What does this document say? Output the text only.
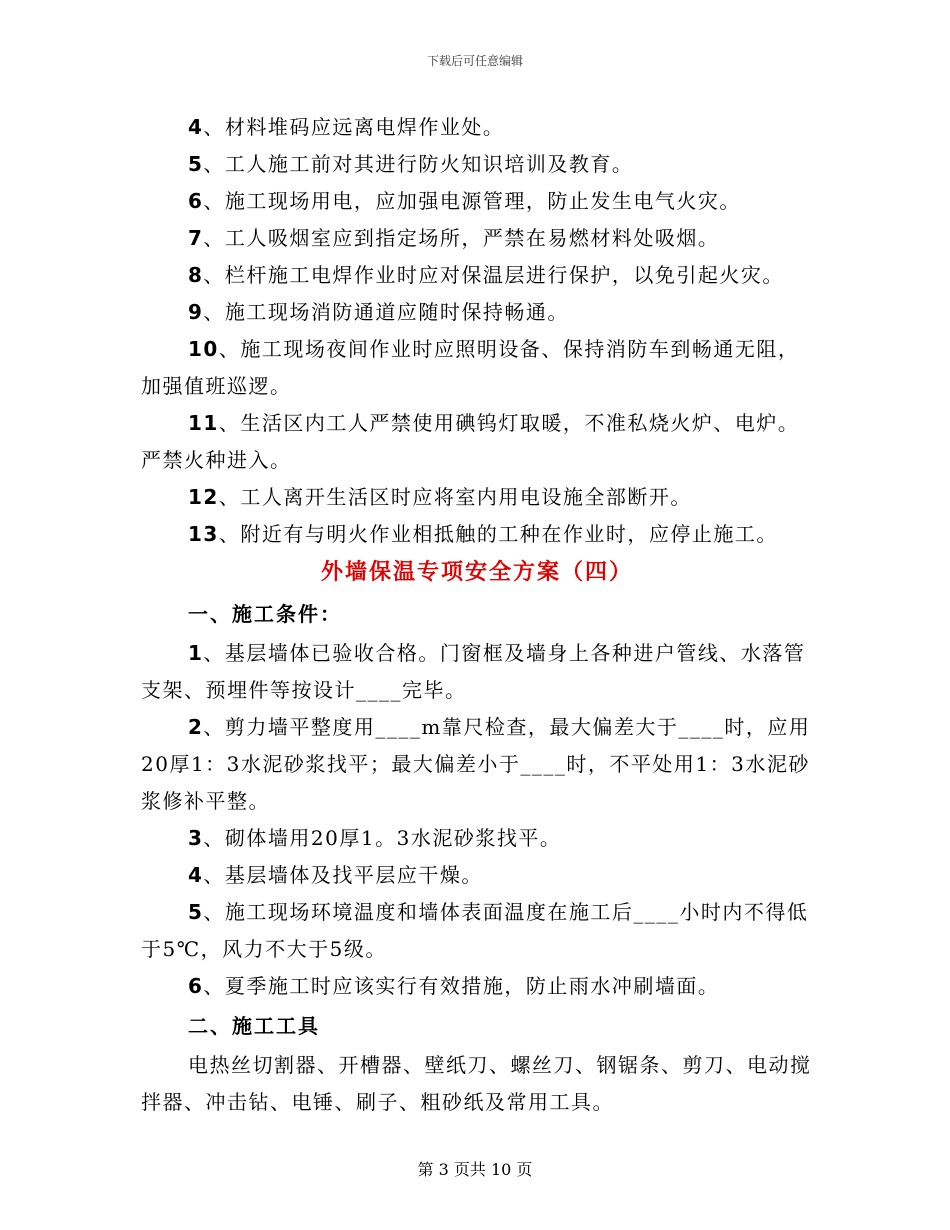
下载后可任意编辑

4、材料堆码应远离电焊作业处。

5、工人施工前对其进行防火知识培训及教育。

6、施工现场用电，应加强电源管理，防止发生电气火灾。

7、工人吸烟室应到指定场所，严禁在易燃材料处吸烟。

8、栏杆施工电焊作业时应对保温层进行保护，以免引起火灾。

9、施工现场消防通道应随时保持畅通。

10、施工现场夜间作业时应照明设备、保持消防车到畅通无阻，加强值班巡逻。

11、生活区内工人严禁使用碘钨灯取暖，不准私烧火炉、电炉。严禁火种进入。

12、工人离开生活区时应将室内用电设施全部断开。

13、附近有与明火作业相抵触的工种在作业时，应停止施工。

外墙保温专项安全方案（四）

一、施工条件：

1、基层墙体已验收合格。门窗框及墙身上各种进户管线、水落管支架、预埋件等按设计____完毕。

2、剪力墙平整度用____m靠尺检查，最大偏差大于____时，应用20厚1：3水泥砂浆找平；最大偏差小于____时，不平处用1：3水泥砂浆修补平整。

3、砌体墙用20厚1。3水泥砂浆找平。

4、基层墙体及找平层应干燥。

5、施工现场环境温度和墙体表面温度在施工后____小时内不得低于5℃，风力不大于5级。

6、夏季施工时应该实行有效措施，防止雨水冲刷墙面。

二、施工工具

电热丝切割器、开槽器、壁纸刀、螺丝刀、钢锯条、剪刀、电动搅拌器、冲击钻、电锤、刷子、粗砂纸及常用工具。

第 3 页共 10 页
